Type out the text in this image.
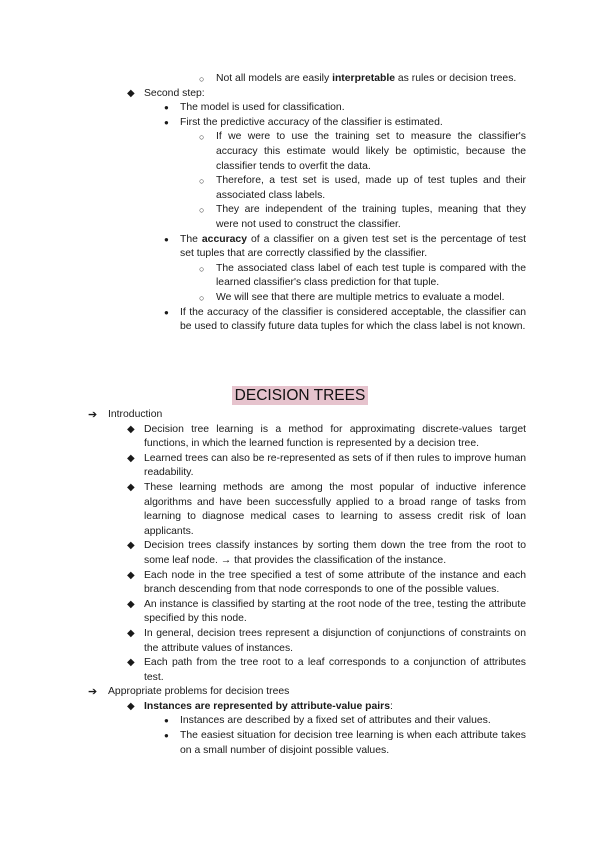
○ Not all models are easily interpretable as rules or decision trees.
◆ Second step:
● The model is used for classification.
● First the predictive accuracy of the classifier is estimated.
○ If we were to use the training set to measure the classifier's accuracy this estimate would likely be optimistic, because the classifier tends to overfit the data.
○ Therefore, a test set is used, made up of test tuples and their associated class labels.
○ They are independent of the training tuples, meaning that they were not used to construct the classifier.
● The accuracy of a classifier on a given test set is the percentage of test set tuples that are correctly classified by the classifier.
○ The associated class label of each test tuple is compared with the learned classifier's class prediction for that tuple.
○ We will see that there are multiple metrics to evaluate a model.
● If the accuracy of the classifier is considered acceptable, the classifier can be used to classify future data tuples for which the class label is not known.
DECISION TREES
➔ Introduction
◆ Decision tree learning is a method for approximating discrete-values target functions, in which the learned function is represented by a decision tree.
◆ Learned trees can also be re-represented as sets of if then rules to improve human readability.
◆ These learning methods are among the most popular of inductive inference algorithms and have been successfully applied to a broad range of tasks from learning to diagnose medical cases to learning to assess credit risk of loan applicants.
◆ Decision trees classify instances by sorting them down the tree from the root to some leaf node. → that provides the classification of the instance.
◆ Each node in the tree specified a test of some attribute of the instance and each branch descending from that node corresponds to one of the possible values.
◆ An instance is classified by starting at the root node of the tree, testing the attribute specified by this node.
◆ In general, decision trees represent a disjunction of conjunctions of constraints on the attribute values of instances.
◆ Each path from the tree root to a leaf corresponds to a conjunction of attributes test.
➔ Appropriate problems for decision trees
◆ Instances are represented by attribute-value pairs:
● Instances are described by a fixed set of attributes and their values.
● The easiest situation for decision tree learning is when each attribute takes on a small number of disjoint possible values.
